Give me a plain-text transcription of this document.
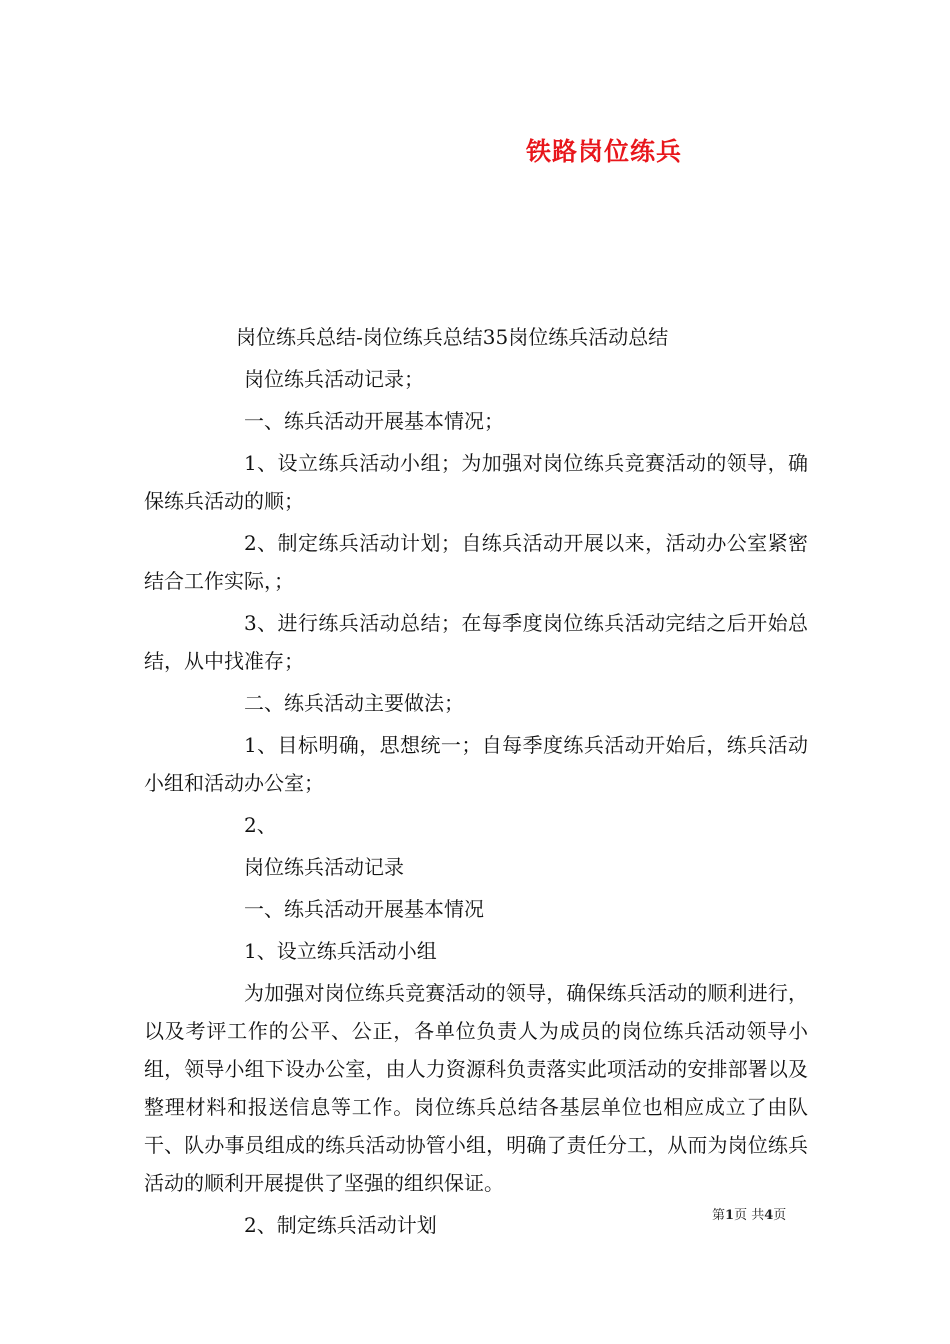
铁路岗位练兵

岗位练兵总结-岗位练兵总结35岗位练兵活动总结

岗位练兵活动记录；

一、练兵活动开展基本情况；

1、设立练兵活动小组；为加强对岗位练兵竞赛活动的领导，确保练兵活动的顺；

2、制定练兵活动计划；自练兵活动开展以来，活动办公室紧密结合工作实际，；

3、进行练兵活动总结；在每季度岗位练兵活动完结之后开始总结，从中找准存；

二、练兵活动主要做法；

1、目标明确，思想统一；自每季度练兵活动开始后，练兵活动小组和活动办公室；

2、

岗位练兵活动记录

一、练兵活动开展基本情况

1、设立练兵活动小组

为加强对岗位练兵竞赛活动的领导，确保练兵活动的顺利进行，以及考评工作的公平、公正，各单位负责人为成员的岗位练兵活动领导小组，领导小组下设办公室，由人力资源科负责落实此项活动的安排部署以及整理材料和报送信息等工作。岗位练兵总结各基层单位也相应成立了由队干、队办事员组成的练兵活动协管小组，明确了责任分工，从而为岗位练兵活动的顺利开展提供了坚强的组织保证。

2、制定练兵活动计划	第1页 共4页
